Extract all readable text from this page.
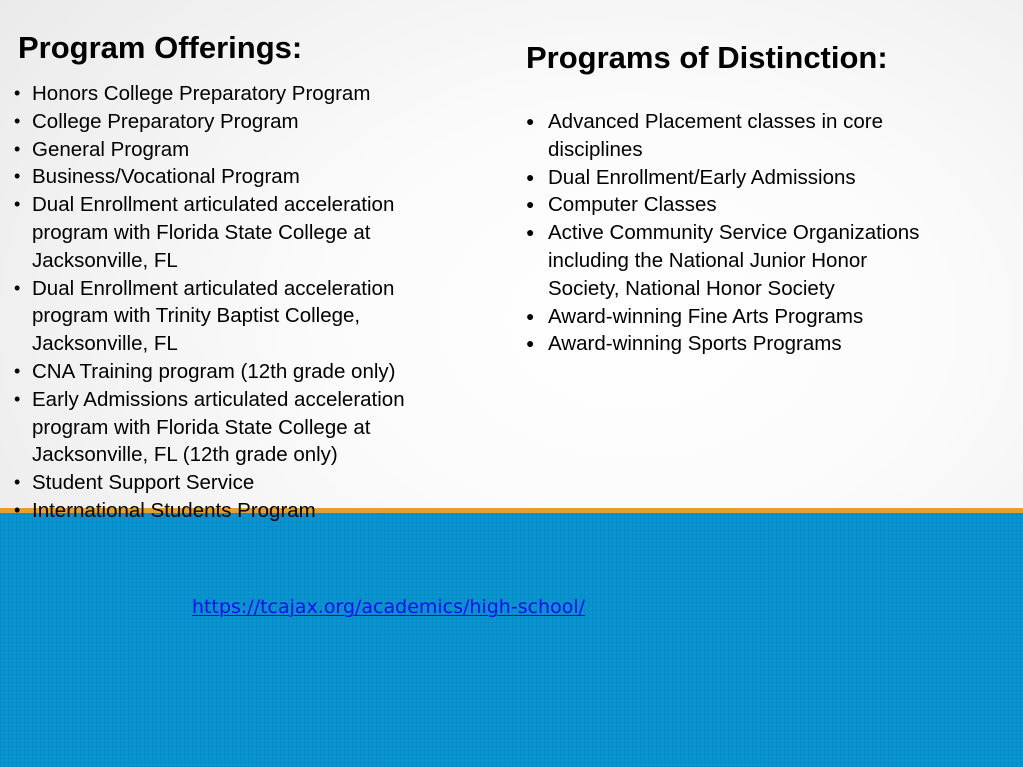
Program Offerings:
• Honors College Preparatory Program
• College Preparatory Program
• General Program
• Business/Vocational Program
• Dual Enrollment articulated acceleration program with Florida State College at Jacksonville, FL
• Dual Enrollment articulated acceleration program with Trinity Baptist College, Jacksonville, FL
• CNA Training program (12th grade only)
• Early Admissions articulated acceleration program with Florida State College at Jacksonville, FL (12th grade only)
• Student Support Service
• International Students Program
Programs of Distinction:
● Advanced Placement classes in core disciplines
● Dual Enrollment/Early Admissions
● Computer Classes
● Active Community Service Organizations including the National Junior Honor Society, National Honor Society
● Award-winning Fine Arts Programs
● Award-winning Sports Programs
https://tcajax.org/academics/high-school/
